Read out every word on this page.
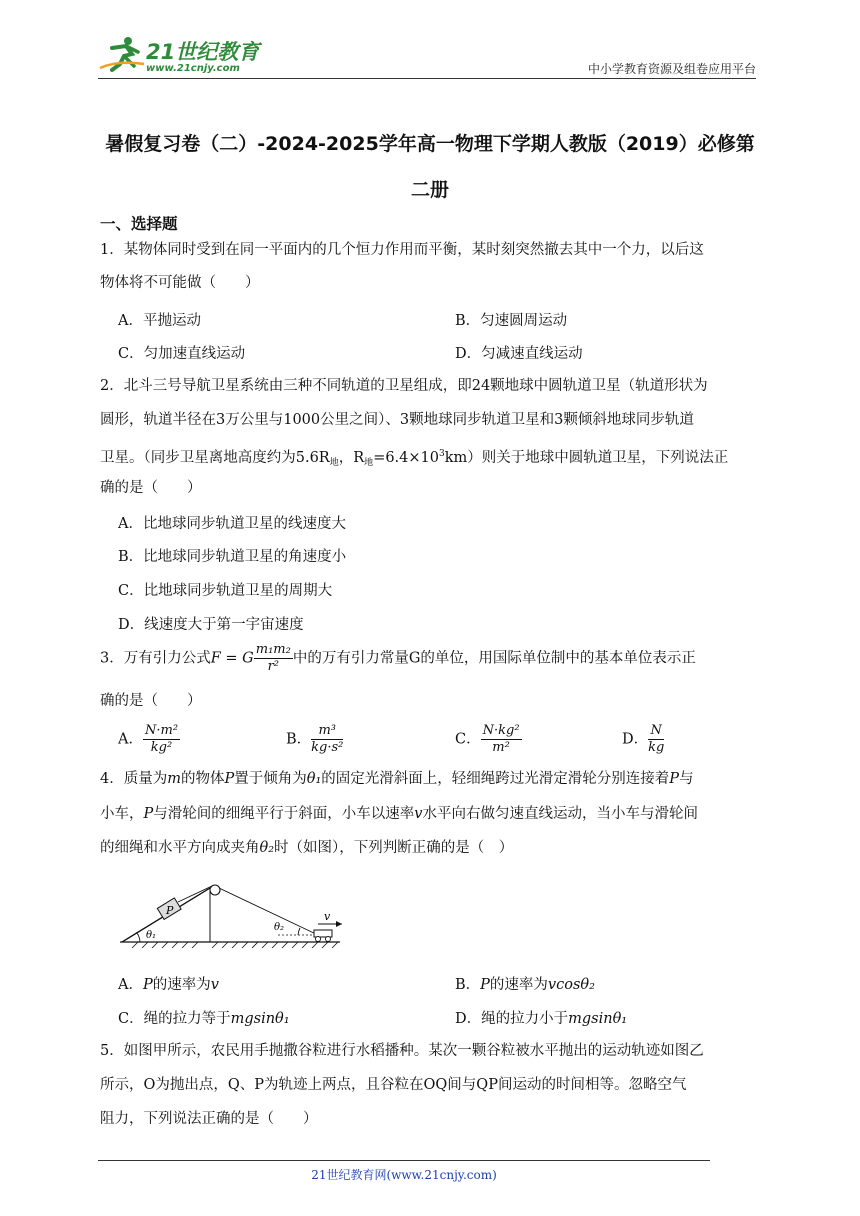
21世纪教育
www.21cnjy.com	中小学教育资源及组卷应用平台
暑假复习卷（二）-2024-2025学年高一物理下学期人教版（2019）必修第
二册
一、选择题
1．某物体同时受到在同一平面内的几个恒力作用而平衡，某时刻突然撤去其中一个力，以后这
物体将不可能做（　　）
A．平抛运动	B．匀速圆周运动
C．匀加速直线运动	D．匀减速直线运动
2．北斗三号导航卫星系统由三种不同轨道的卫星组成，即24颗地球中圆轨道卫星（轨道形状为
圆形，轨道半径在3万公里与1000公里之间）、3颗地球同步轨道卫星和3颗倾斜地球同步轨道
卫星。（同步卫星离地高度约为$5.6R_地$，$R_地=6.4\times 10^3km$）则关于地球中圆轨道卫星，下列说法正
确的是（　　）
A．比地球同步轨道卫星的线速度大
B．比地球同步轨道卫星的角速度小
C．比地球同步轨道卫星的周期大
D．线速度大于第一宇宙速度
3．万有引力公式F = G $\frac{\text{m₁m₂}}{\text{r²}}$ 中的万有引力常量G的单位，用国际单位制中的基本单位表示正
确的是（　　）
A． $\frac{\text{N·m²}}{\text{kg²}}$	B． $\frac{\text{m³}}{\text{kg·s²}}$	C． $\frac{\text{N·kg²}}{\text{m²}}$	D． $\frac{N}{kg}$
4．质量为m的物体P置于倾角为θ₁的固定光滑斜面上，轻细绳跨过光滑定滑轮分别连接着P与
小车，P与滑轮间的细绳平行于斜面，小车以速率v水平向右做匀速直线运动，当小车与滑轮间
的细绳和水平方向成夹角θ₂时（如图），下列判断正确的是（　）
P	v
θ₁
θ₂
A．P的速率为v	B．P的速率为vcosθ₂
C．绳的拉力等于mgsinθ₁	D．绳的拉力小于mgsinθ₁
5．如图甲所示，农民用手抛撒谷粒进行水稻播种。某次一颗谷粒被水平抛出的运动轨迹如图乙
所示，O为抛出点，Q、P为轨迹上两点，且谷粒在OQ间与QP间运动的时间相等。忽略空气
阻力，下列说法正确的是（　　）
21世纪教育网(www.21cnjy.com)
